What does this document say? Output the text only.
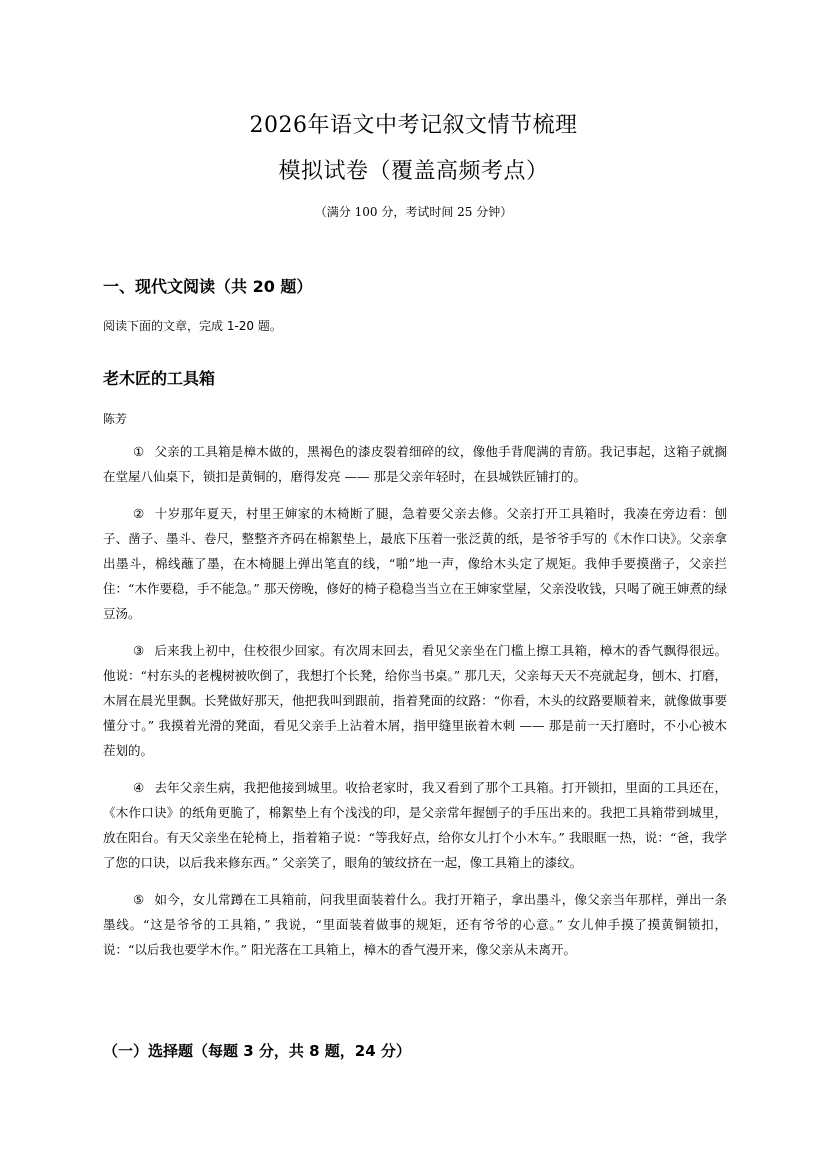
2026年语文中考记叙文情节梳理
模拟试卷（覆盖高频考点）
（满分 100 分，考试时间 25 分钟）
一、现代文阅读（共 20 题）
阅读下面的文章，完成 1-20 题。
老木匠的工具箱
陈芳

① 父亲的工具箱是樟木做的，黑褐色的漆皮裂着细碎的纹，像他手背爬满的青筋。我记事起，这箱子就搁在堂屋八仙桌下，锁扣是黄铜的，磨得发亮 —— 那是父亲年轻时，在县城铁匠铺打的。

② 十岁那年夏天，村里王婶家的木椅断了腿，急着要父亲去修。父亲打开工具箱时，我凑在旁边看：刨子、凿子、墨斗、卷尺，整整齐齐码在棉絮垫上，最底下压着一张泛黄的纸，是爷爷手写的《木作口诀》。父亲拿出墨斗，棉线蘸了墨，在木椅腿上弹出笔直的线，“啪”地一声，像给木头定了规矩。我伸手要摸凿子，父亲拦住：“木作要稳，手不能急。” 那天傍晚，修好的椅子稳稳当当立在王婶家堂屋，父亲没收钱，只喝了碗王婶煮的绿豆汤。

③ 后来我上初中，住校很少回家。有次周末回去，看见父亲坐在门槛上擦工具箱，樟木的香气飘得很远。他说：“村东头的老槐树被吹倒了，我想打个长凳，给你当书桌。” 那几天，父亲每天天不亮就起身，刨木、打磨，木屑在晨光里飘。长凳做好那天，他把我叫到跟前，指着凳面的纹路：“你看，木头的纹路要顺着来，就像做事要懂分寸。” 我摸着光滑的凳面，看见父亲手上沾着木屑，指甲缝里嵌着木刺 —— 那是前一天打磨时，不小心被木茬划的。

④ 去年父亲生病，我把他接到城里。收拾老家时，我又看到了那个工具箱。打开锁扣，里面的工具还在，《木作口诀》的纸角更脆了，棉絮垫上有个浅浅的印，是父亲常年握刨子的手压出来的。我把工具箱带到城里，放在阳台。有天父亲坐在轮椅上，指着箱子说：“等我好点，给你女儿打个小木车。” 我眼眶一热，说：“爸，我学了您的口诀，以后我来修东西。” 父亲笑了，眼角的皱纹挤在一起，像工具箱上的漆纹。

⑤ 如今，女儿常蹲在工具箱前，问我里面装着什么。我打开箱子，拿出墨斗，像父亲当年那样，弹出一条墨线。“这是爷爷的工具箱，” 我说，“里面装着做事的规矩，还有爷爷的心意。” 女儿伸手摸了摸黄铜锁扣，说：“以后我也要学木作。” 阳光落在工具箱上，樟木的香气漫开来，像父亲从未离开。

（一）选择题（每题 3 分，共 8 题，24 分）
